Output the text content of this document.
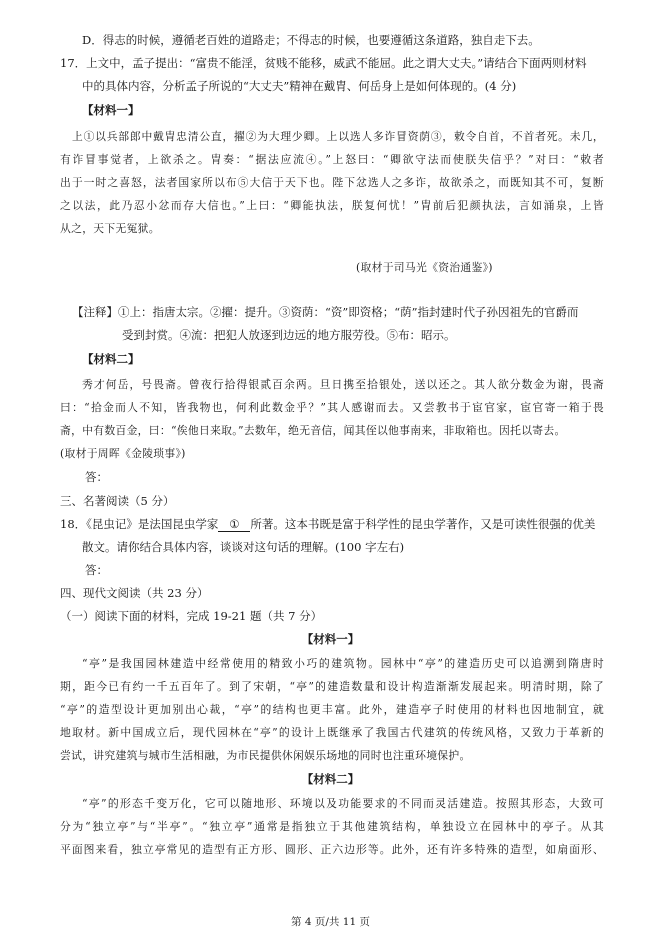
D．得志的时候，遵循老百姓的道路走；不得志的时候，也要遵循这条道路，独自走下去。
17．上文中，孟子提出：“富贵不能淫，贫贱不能移，威武不能屈。此之谓大丈夫。”请结合下面两则材料
中的具体内容，分析孟子所说的“大丈夫”精神在戴胄、何岳身上是如何体现的。(4 分)
【材料一】
上①以兵部郎中戴胄忠清公直，擢②为大理少卿。上以选人多诈冒资荫③，敕令自首，不首者死。未几，
有诈冒事觉者，上欲杀之。胄奏：“据法应流④。”上怒曰：“卿欲守法而使朕失信乎？”对曰：“敕者
出于一时之喜怒，法者国家所以布⑤大信于天下也。陛下忿选人之多诈，故欲杀之，而既知其不可，复断
之以法，此乃忍小忿而存大信也。”上曰：“卿能执法，朕复何忧！”胄前后犯颜执法，言如涌泉，上皆
从之，天下无冤狱。
(取材于司马光《资治通鉴》)
【注释】①上：指唐太宗。②擢：提升。③资荫：“资”即资格；“荫”指封建时代子孙因祖先的官爵而
受到封赏。④流：把犯人放逐到边远的地方服劳役。⑤布：昭示。
【材料二】
秀才何岳，号畏斋。曾夜行拾得银贰百余两。旦日携至拾银处，送以还之。其人欲分数金为谢，畏斋
曰：“拾金而人不知，皆我物也，何利此数金乎？”其人感谢而去。又尝教书于宦官家，宦官寄一箱于畏
斋，中有数百金，曰：“俟他日来取。”去数年，绝无音信，闻其侄以他事南来，非取箱也。因托以寄去。
(取材于周晖《金陵琐事》)
答：
三、名著阅读（5 分）
18．《昆虫记》是法国昆虫学家 ① 所著。这本书既是富于科学性的昆虫学著作，又是可读性很强的优美
散文。请你结合具体内容，谈谈对这句话的理解。(100 字左右)
答：
四、现代文阅读（共 23 分）
（一）阅读下面的材料，完成 19-21 题（共 7 分）
【材料一】
“亭”是我国园林建造中经常使用的精致小巧的建筑物。园林中“亭”的建造历史可以追溯到隋唐时
期，距今已有约一千五百年了。到了宋朝，“亭”的建造数量和设计构造渐渐发展起来。明清时期，除了
“亭”的造型设计更加别出心裁，“亭”的结构也更丰富。此外，建造亭子时使用的材料也因地制宜，就
地取材。新中国成立后，现代园林在“亭”的设计上既继承了我国古代建筑的传统风格，又致力于革新的
尝试，讲究建筑与城市生活相融，为市民提供休闲娱乐场地的同时也注重环境保护。
【材料二】
“亭”的形态千变万化，它可以随地形、环境以及功能要求的不同而灵活建造。按照其形态，大致可
分为“独立亭”与“半亭”。“独立亭”通常是指独立于其他建筑结构，单独设立在园林中的亭子。从其
平面图来看，独立亭常见的造型有正方形、圆形、正六边形等。此外，还有许多特殊的造型，如扇面形、
第 4 页/共 11 页
